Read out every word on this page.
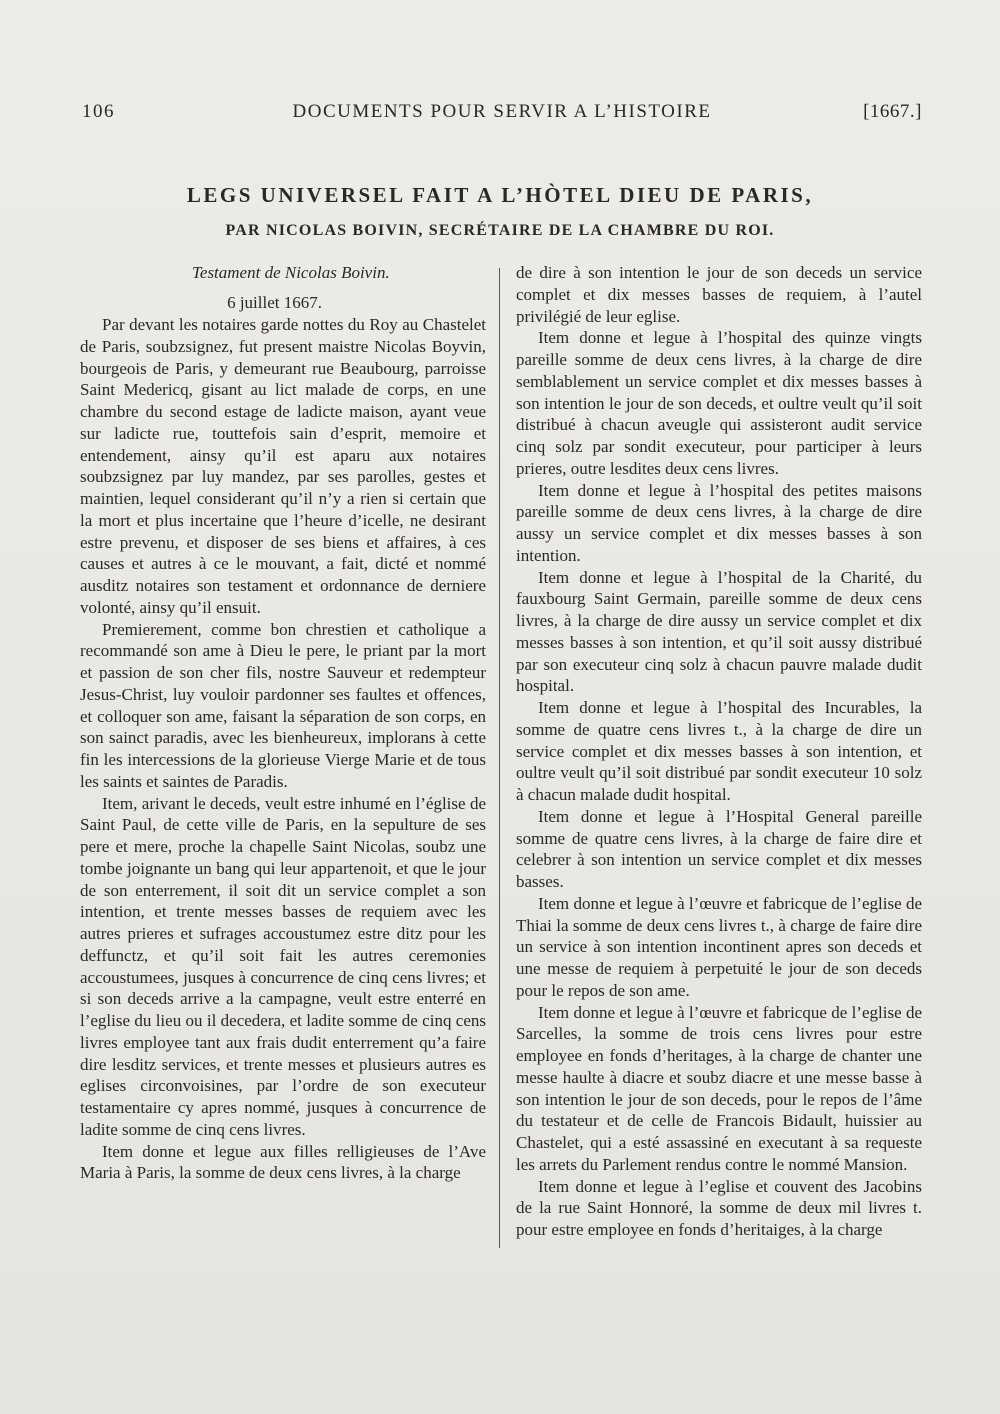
106	DOCUMENTS POUR SERVIR A L’HISTOIRE	[1667.]
LEGS UNIVERSEL FAIT A L’HÒTEL DIEU DE PARIS,
PAR NICOLAS BOIVIN, SECRÉTAIRE DE LA CHAMBRE DU ROI.
Testament de Nicolas Boivin.
6 juillet 1667.

Par devant les notaires garde nottes du Roy au Chastelet de Paris, soubzsignez, fut present maistre Nicolas Boyvin, bourgeois de Paris, y demeurant rue Beaubourg, parroisse Saint Medericq, gisant au lict malade de corps, en une chambre du second estage de ladicte maison, ayant veue sur ladicte rue, touttefois sain d’esprit, memoire et entendement, ainsy qu’il est aparu aux notaires soubzsignez par luy mandez, par ses parolles, gestes et maintien, lequel considerant qu’il n’y a rien si certain que la mort et plus incertaine que l’heure d’icelle, ne desirant estre prevenu, et disposer de ses biens et affaires, à ces causes et autres à ce le mouvant, a fait, dicté et nommé ausditz notaires son testament et ordonnance de derniere volonté, ainsy qu’il ensuit.

Premierement, comme bon chrestien et catholique a recommandé son ame à Dieu le pere, le priant par la mort et passion de son cher fils, nostre Sauveur et redempteur Jesus-Christ, luy vouloir pardonner ses faultes et offences, et colloquer son ame, faisant la séparation de son corps, en son sainct paradis, avec les bienheureux, implorans à cette fin les intercessions de la glorieuse Vierge Marie et de tous les saints et saintes de Paradis.

Item, arivant le deceds, veult estre inhumé en l’église de Saint Paul, de cette ville de Paris, en la sepulture de ses pere et mere, proche la chapelle Saint Nicolas, soubz une tombe joignante un bang qui leur appartenoit, et que le jour de son enterrement, il soit dit un service complet a son intention, et trente messes basses de requiem avec les autres prieres et sufrages accoustumez estre ditz pour les deffunctz, et qu’il soit fait les autres ceremonies accoustumees, jusques à concurrence de cinq cens livres; et si son deceds arrive a la campagne, veult estre enterré en l’eglise du lieu ou il decedera, et ladite somme de cinq cens livres employee tant aux frais dudit enterrement qu’a faire dire lesditz services, et trente messes et plusieurs autres es eglises circonvoisines, par l’ordre de son executeur testamentaire cy apres nommé, jusques à concurrence de ladite somme de cinq cens livres.

Item donne et legue aux filles relligieuses de l’Ave Maria à Paris, la somme de deux cens livres, à la charge

de dire à son intention le jour de son deceds un service complet et dix messes basses de requiem, à l’autel privilégié de leur eglise.

Item donne et legue à l’hospital des quinze vingts pareille somme de deux cens livres, à la charge de dire semblablement un service complet et dix messes basses à son intention le jour de son deceds, et oultre veult qu’il soit distribué à chacun aveugle qui assisteront audit service cinq solz par sondit executeur, pour participer à leurs prieres, outre lesdites deux cens livres.

Item donne et legue à l’hospital des petites maisons pareille somme de deux cens livres, à la charge de dire aussy un service complet et dix messes basses à son intention.

Item donne et legue à l’hospital de la Charité, du fauxbourg Saint Germain, pareille somme de deux cens livres, à la charge de dire aussy un service complet et dix messes basses à son intention, et qu’il soit aussy distribué par son executeur cinq solz à chacun pauvre malade dudit hospital.

Item donne et legue à l’hospital des Incurables, la somme de quatre cens livres t., à la charge de dire un service complet et dix messes basses à son intention, et oultre veult qu’il soit distribué par sondit executeur 10 solz à chacun malade dudit hospital.

Item donne et legue à l’Hospital General pareille somme de quatre cens livres, à la charge de faire dire et celebrer à son intention un service complet et dix messes basses.

Item donne et legue à l’œuvre et fabricque de l’eglise de Thiai la somme de deux cens livres t., à charge de faire dire un service à son intention incontinent apres son deceds et une messe de requiem à perpetuité le jour de son deceds pour le repos de son ame.

Item donne et legue à l’œuvre et fabricque de l’eglise de Sarcelles, la somme de trois cens livres pour estre employee en fonds d’heritages, à la charge de chanter une messe haulte à diacre et soubz diacre et une messe basse à son intention le jour de son deceds, pour le repos de l’âme du testateur et de celle de Francois Bidault, huissier au Chastelet, qui a esté assassiné en executant à sa requeste les arrets du Parlement rendus contre le nommé Mansion.

Item donne et legue à l’eglise et couvent des Jacobins de la rue Saint Honnoré, la somme de deux mil livres t. pour estre employee en fonds d’heritaiges, à la charge
